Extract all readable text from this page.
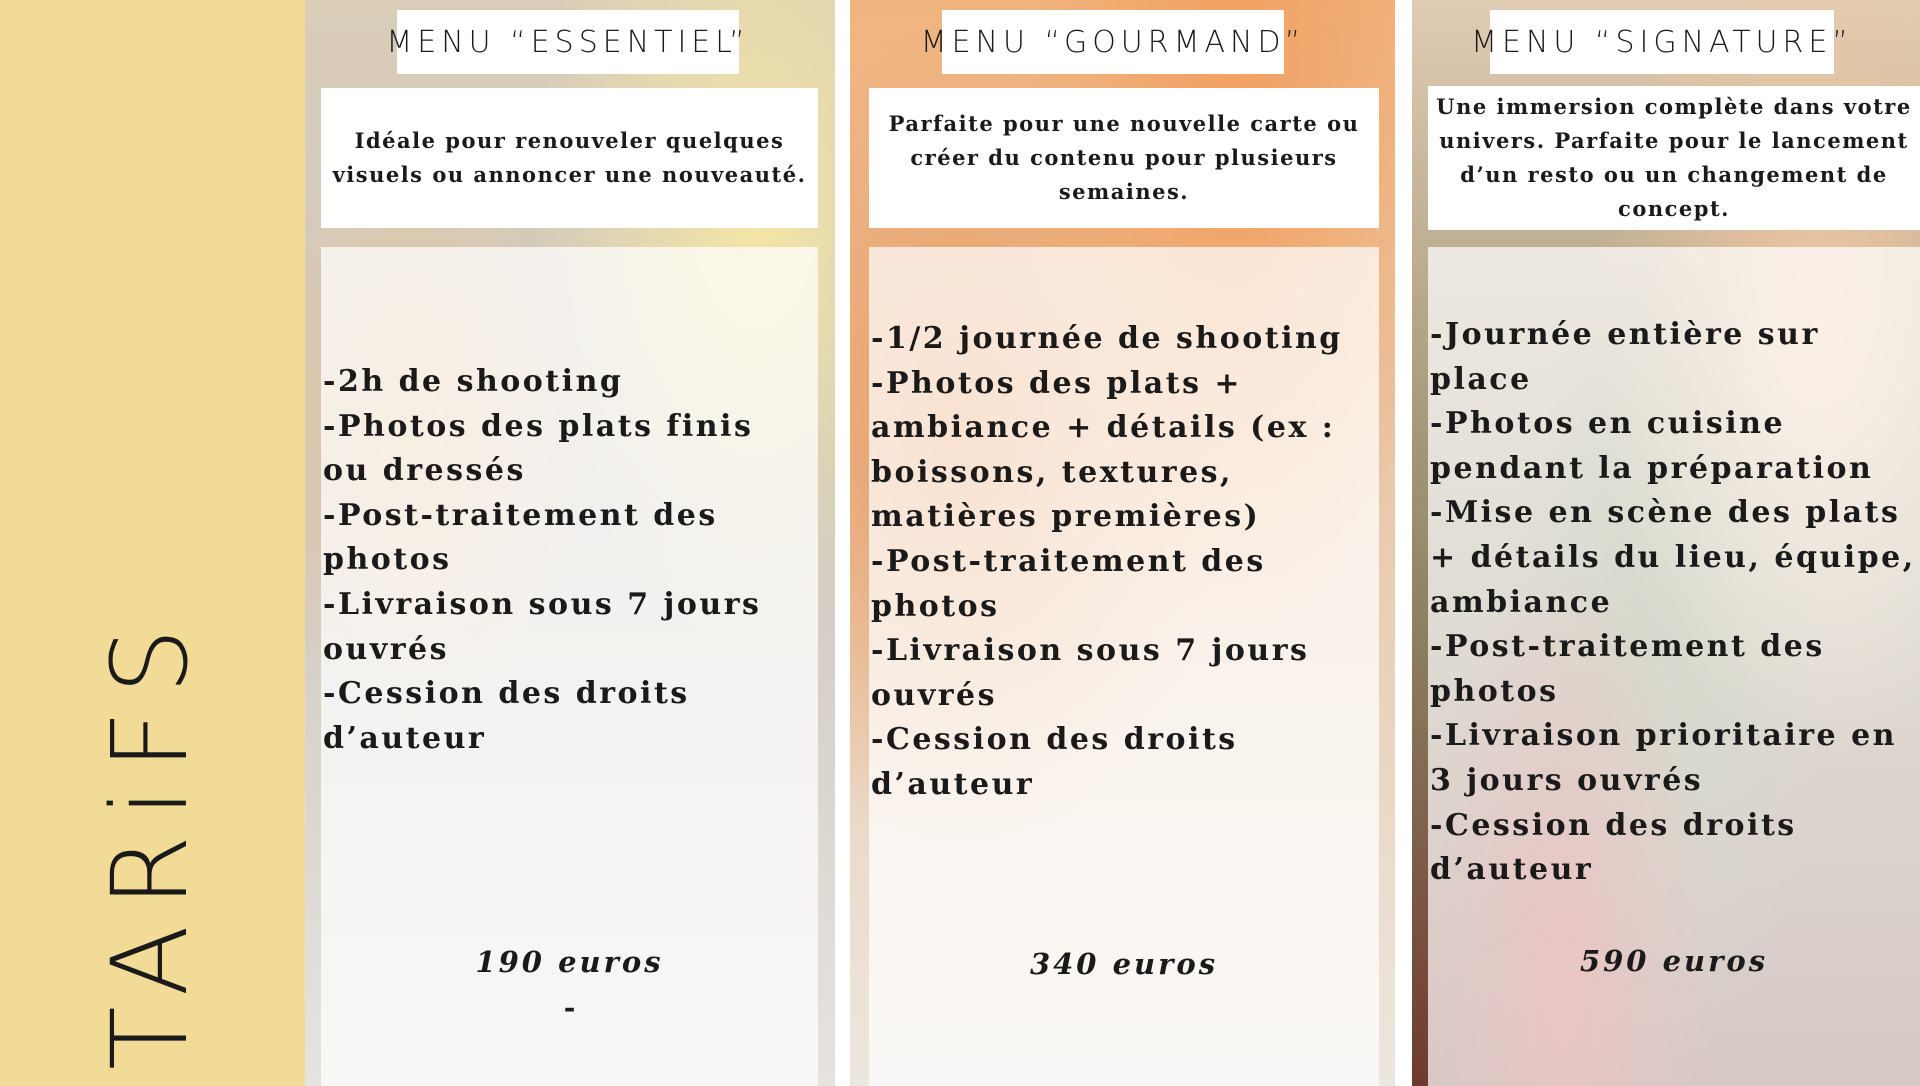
TARiFS
MENU “ESSENTIEL”
Idéale pour renouveler quelques visuels ou annoncer une nouveauté.
-2h de shooting
-Photos des plats finis ou dressés
-Post-traitement des photos
-Livraison sous 7 jours ouvrés
-Cession des droits d’auteur
190 euros
-
MENU “GOURMAND”
Parfaite pour une nouvelle carte ou créer du contenu pour plusieurs semaines.
-1/2 journée de shooting
-Photos des plats + ambiance + détails (ex : boissons, textures, matières premières)
-Post-traitement des photos
-Livraison sous 7 jours ouvrés
-Cession des droits d’auteur
340 euros
MENU “SIGNATURE”
Une immersion complète dans votre univers. Parfaite pour le lancement d’un resto ou un changement de concept.
-Journée entière sur place
-Photos en cuisine pendant la préparation
-Mise en scène des plats + détails du lieu, équipe, ambiance
-Post-traitement des photos
-Livraison prioritaire en 3 jours ouvrés
-Cession des droits d’auteur
590 euros
